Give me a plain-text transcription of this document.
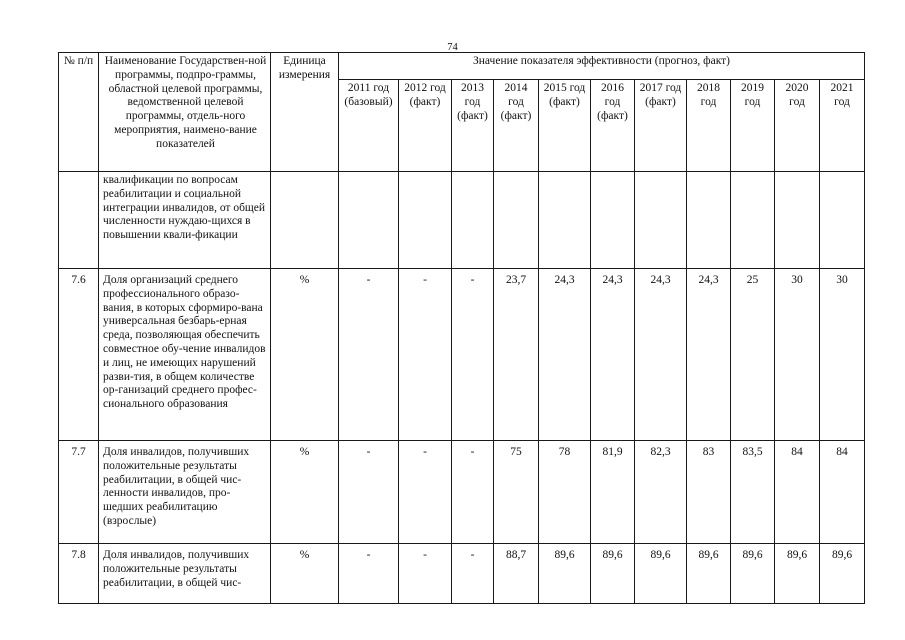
74
№ п/п	Наименование Государствен-ной программы, подпро-граммы, областной целевой программы, ведомственной целевой программы, отдель-ного мероприятия, наимено-вание показателей	Единица измерения	Значение показателя эффективности (прогноз, факт)										
			2011 год (базовый)	2012 год (факт)	2013 год (факт)	2014 год (факт)	2015 год (факт)	2016 год (факт)	2017 год (факт)	2018 год	2019 год	2020 год	2021 год
	квалификации по вопросам реабилитации и социальной интеграции инвалидов, от общей численности нуждаю-щихся в повышении квали-фикации												
7.6	Доля организаций среднего профессионального образо-вания, в которых сформиро-вана универсальная безбарь-ерная среда, позволяющая обеспечить совместное обу-чение инвалидов и лиц, не имеющих нарушений разви-тия, в общем количестве ор-ганизаций среднего профес-сионального образования	%	-	-	-	23,7	24,3	24,3	24,3	24,3	25	30	30
7.7	Доля инвалидов, получивших положительные результаты реабилитации, в общей чис-ленности инвалидов, про-шедших реабилитацию (взрослые)	%	-	-	-	75	78	81,9	82,3	83	83,5	84	84
7.8	Доля инвалидов, получивших положительные результаты реабилитации, в общей чис-	%	-	-	-	88,7	89,6	89,6	89,6	89,6	89,6	89,6	89,6
